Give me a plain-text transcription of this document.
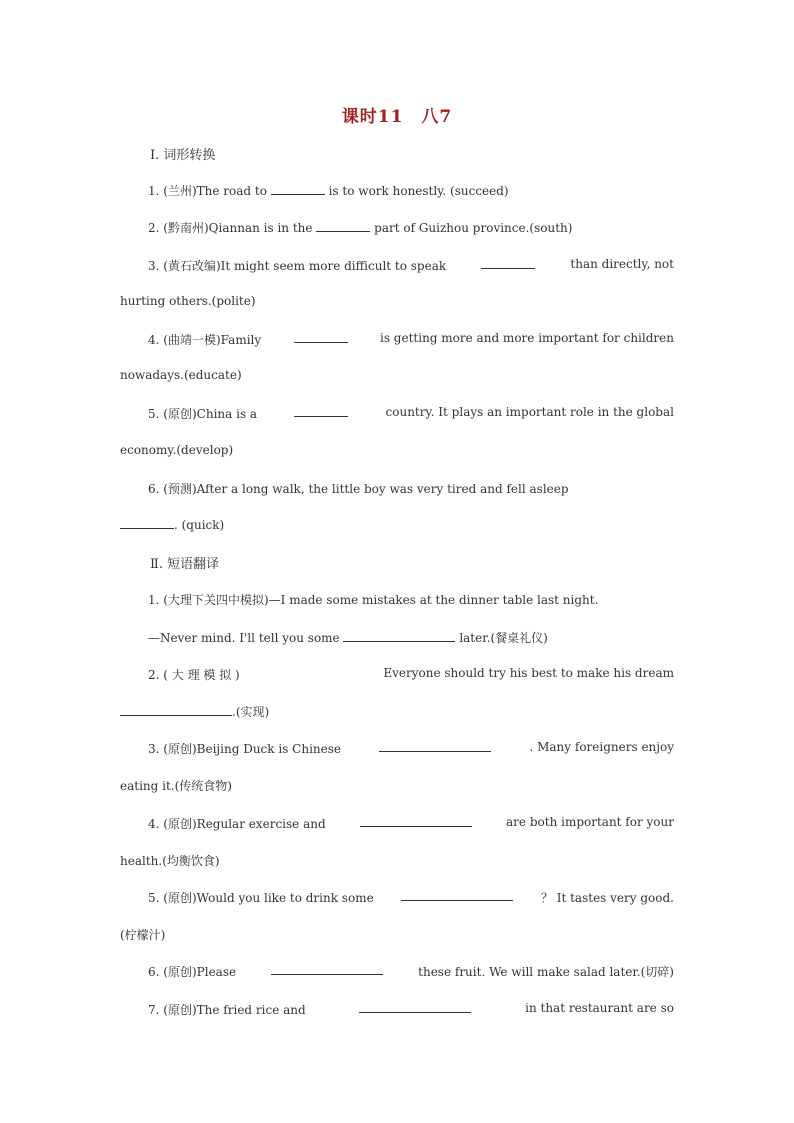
课时11　八7
Ⅰ. 词形转换
1. (兰州)The road to	is to work honestly. (succeed)
2. (黔南州)Qiannan is in the	part of Guizhou province.(south)
3. (黄石改编)It might seem more difficult to speak	than directly, not
hurting others.(polite)
4. (曲靖一模)Family	is getting more and more important for children
nowadays.(educate)
5. (原创)China is a	country. It plays an important role in the global
economy.(develop)
6. (预测)After a long walk, the little boy was very tired and fell asleep
. (quick)
Ⅱ. 短语翻译
1. (大理下关四中模拟)—I made some mistakes at the dinner table last night.
—Never mind. I'll tell you some	later.(餐桌礼仪)
2. ( 大 理 模 拟 )	Everyone should try his best to make his dream
.(实现)
3. (原创)Beijing Duck is Chinese	. Many foreigners enjoy
eating it.(传统食物)
4. (原创)Regular exercise and	are both important for your
health.(均衡饮食)
5. (原创)Would you like to drink some	？ It tastes very good.
(柠檬汁)
6. (原创)Please	these fruit. We will make salad later.(切碎)
7. (原创)The fried rice and	in that restaurant are so
